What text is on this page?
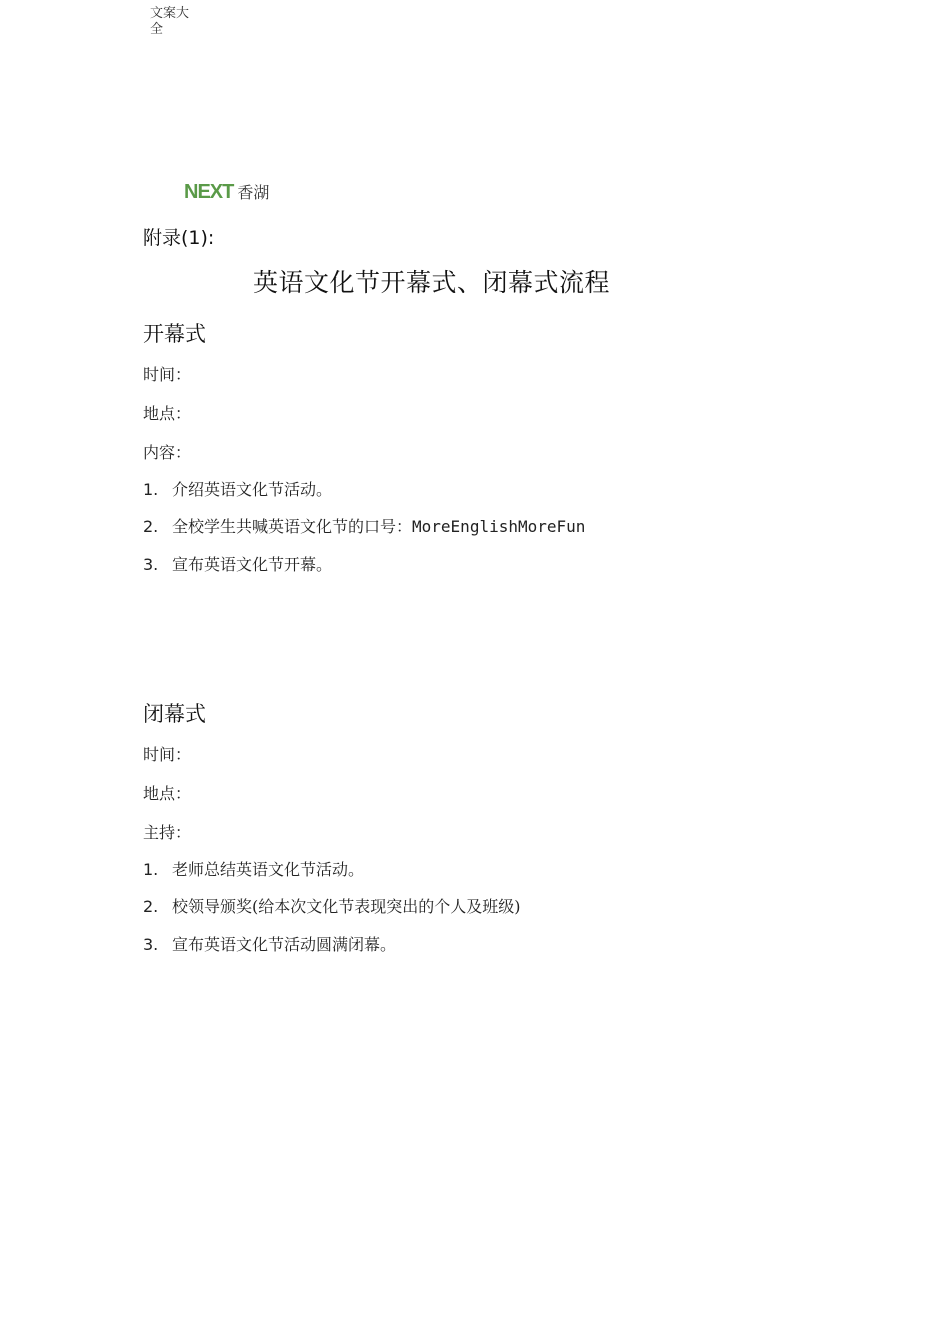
文案大全
NEXT 香湖
附录(1):
英语文化节开幕式、闭幕式流程
开幕式
时间：
地点：
内容：
1. 介绍英语文化节活动。
2. 全校学生共喊英语文化节的口号： MoreEnglishMoreFun
3. 宣布英语文化节开幕。
闭幕式
时间：
地点：
主持：
1. 老师总结英语文化节活动。
2. 校领导颁奖(给本次文化节表现突出的个人及班级)
3. 宣布英语文化节活动圆满闭幕。
